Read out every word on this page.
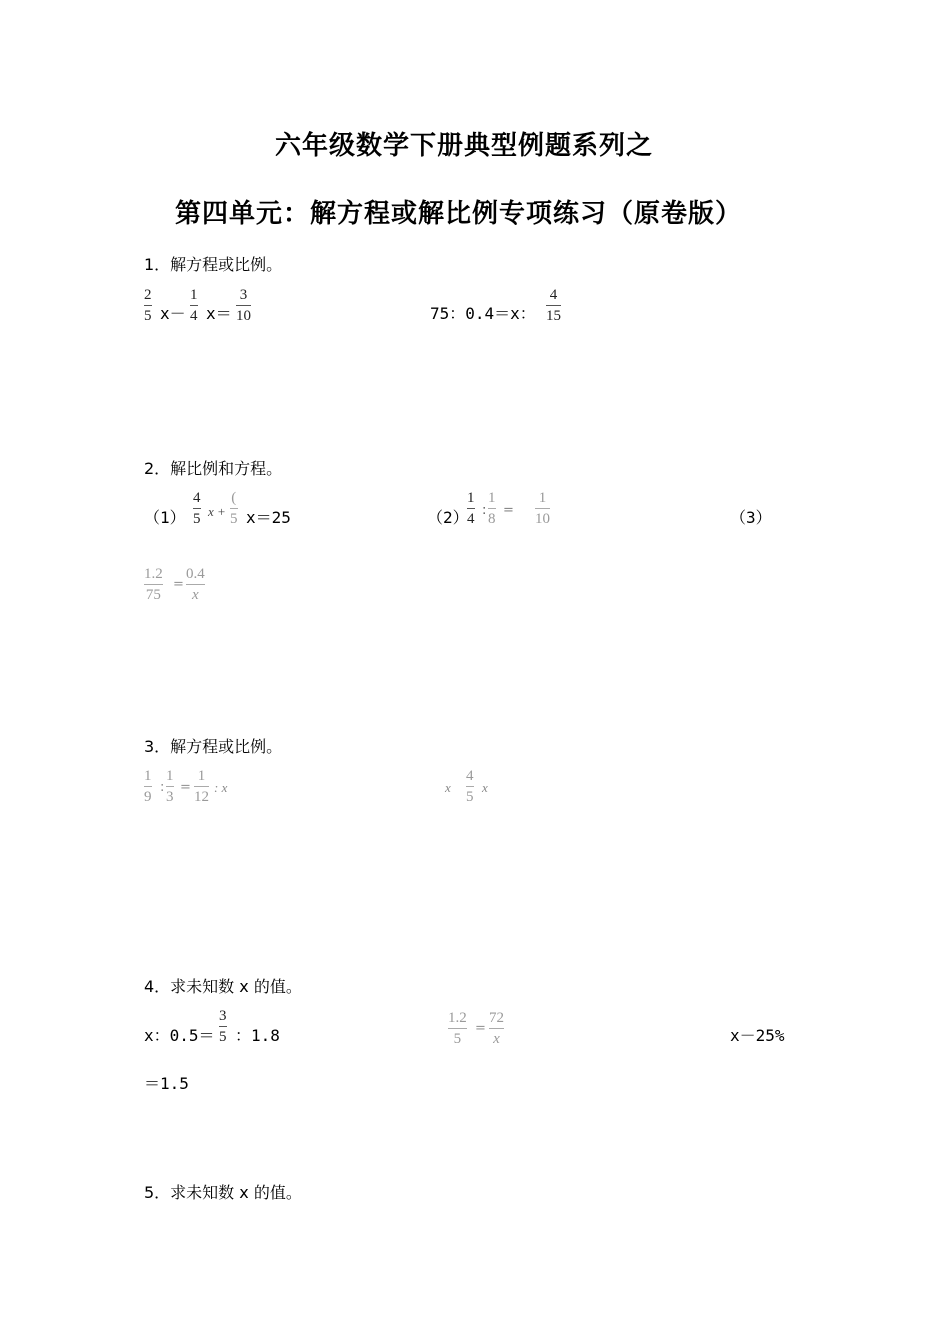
六年级数学下册典型例题系列之
第四单元：解方程或解比例专项练习（原卷版）
1．解方程或比例。
2
5 x－
1
4 x＝
3
10	75：0.4＝x：
4
15
2．解比例和方程。
（1）
4
5 x +
(
5 x＝25	（2）
1
4
:
1
8
=
1
10	（3）
1.2
75
=
0.4
x
3．解方程或比例。
1
9
:
1
3
=
1
12
: x	x
4
5
x
4．求未知数 x 的值。
x：0.5＝
3
5 ：1.8
1.2
5
=
72
x	x－25%
＝1.5
5．求未知数 x 的值。
